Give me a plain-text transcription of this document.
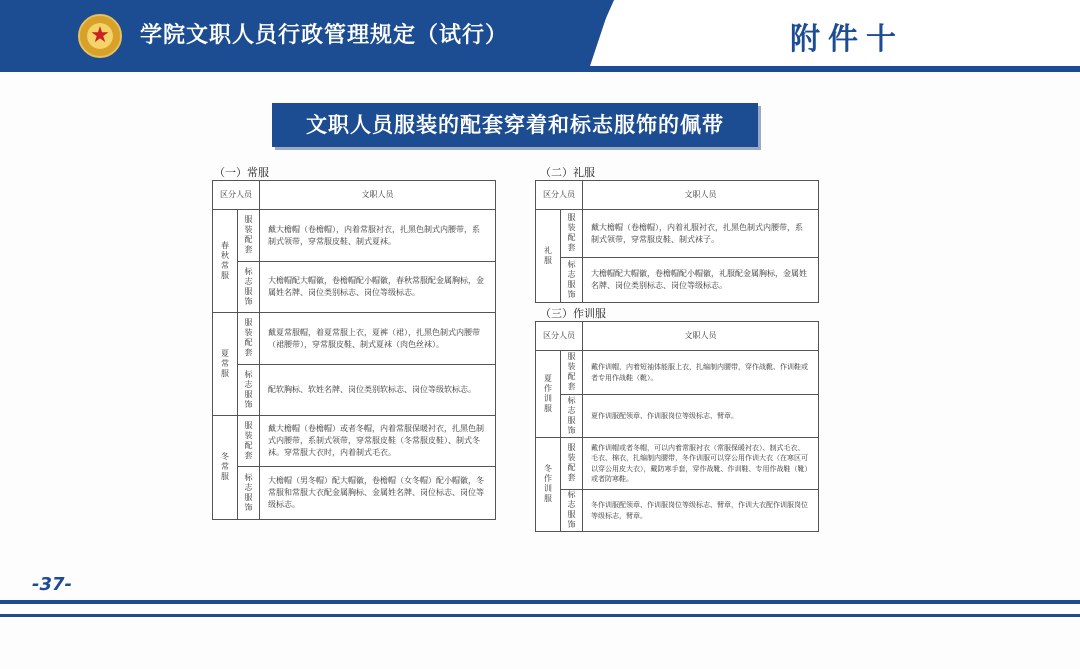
★	学院文职人员行政管理规定（试行）	附件十
文职人员服装的配套穿着和标志服饰的佩带
（一）常服
区分人员		文职人员
春秋常服	服装配套	戴大檐帽（卷檐帽），内着常服衬衣，扎黑色制式内腰带，系制式领带，穿常服皮鞋、制式夏袜。
	标志服饰	大檐帽配大帽徽，卷檐帽配小帽徽，春秋常服配金属胸标，金属姓名牌、岗位类别标志、岗位等级标志。
夏常服	服装配套	戴夏常服帽，着夏常服上衣，夏裤（裙），扎黑色制式内腰带（裙腰带），穿常服皮鞋、制式夏袜（肉色丝袜）。
	标志服饰	配软胸标、软姓名牌、岗位类别软标志、岗位等级软标志。
冬常服	服装配套	戴大檐帽（卷檐帽）或者冬帽，内着常服保暖衬衣，扎黑色制式内腰带，系制式领带，穿常服皮鞋（冬常服皮鞋）、制式冬袜。穿常服大衣时，内着制式毛衣。
	标志服饰	大檐帽（男冬帽）配大帽徽，卷檐帽（女冬帽）配小帽徽，冬常服和常服大衣配金属胸标、金属姓名牌、岗位标志、岗位等级标志。
（二）礼服
区分人员		文职人员
礼服	服装配套	戴大檐帽（卷檐帽），内着礼服衬衣，扎黑色制式内腰带，系制式领带，穿常服皮鞋、制式袜子。
	标志服饰	大檐帽配大帽徽，卷檐帽配小帽徽，礼服配金属胸标，金属姓名牌、岗位类别标志、岗位等级标志。
（三）作训服
区分人员		文职人员
夏作训服	服装配套	戴作训帽，内着短袖体能服上衣，扎编制内腰带，穿作战靴、作训鞋或者专用作战鞋（靴）。
	标志服饰	夏作训服配领章、作训服岗位等级标志、臂章。
冬作训服	服装配套	戴作训帽或者冬帽，可以内着常服衬衣（常服保暖衬衣）、制式毛衣、毛衣、棉衣，扎编制内腰带，冬作训服可以穿公用作训大衣（在寒区可以穿公用皮大衣），戴防寒手套，穿作战靴、作训鞋、专用作战鞋（靴）或者防寒鞋。
	标志服饰	冬作训服配领章、作训服岗位等级标志、臂章，作训大衣配作训服岗位等级标志，臂章。
-37-
